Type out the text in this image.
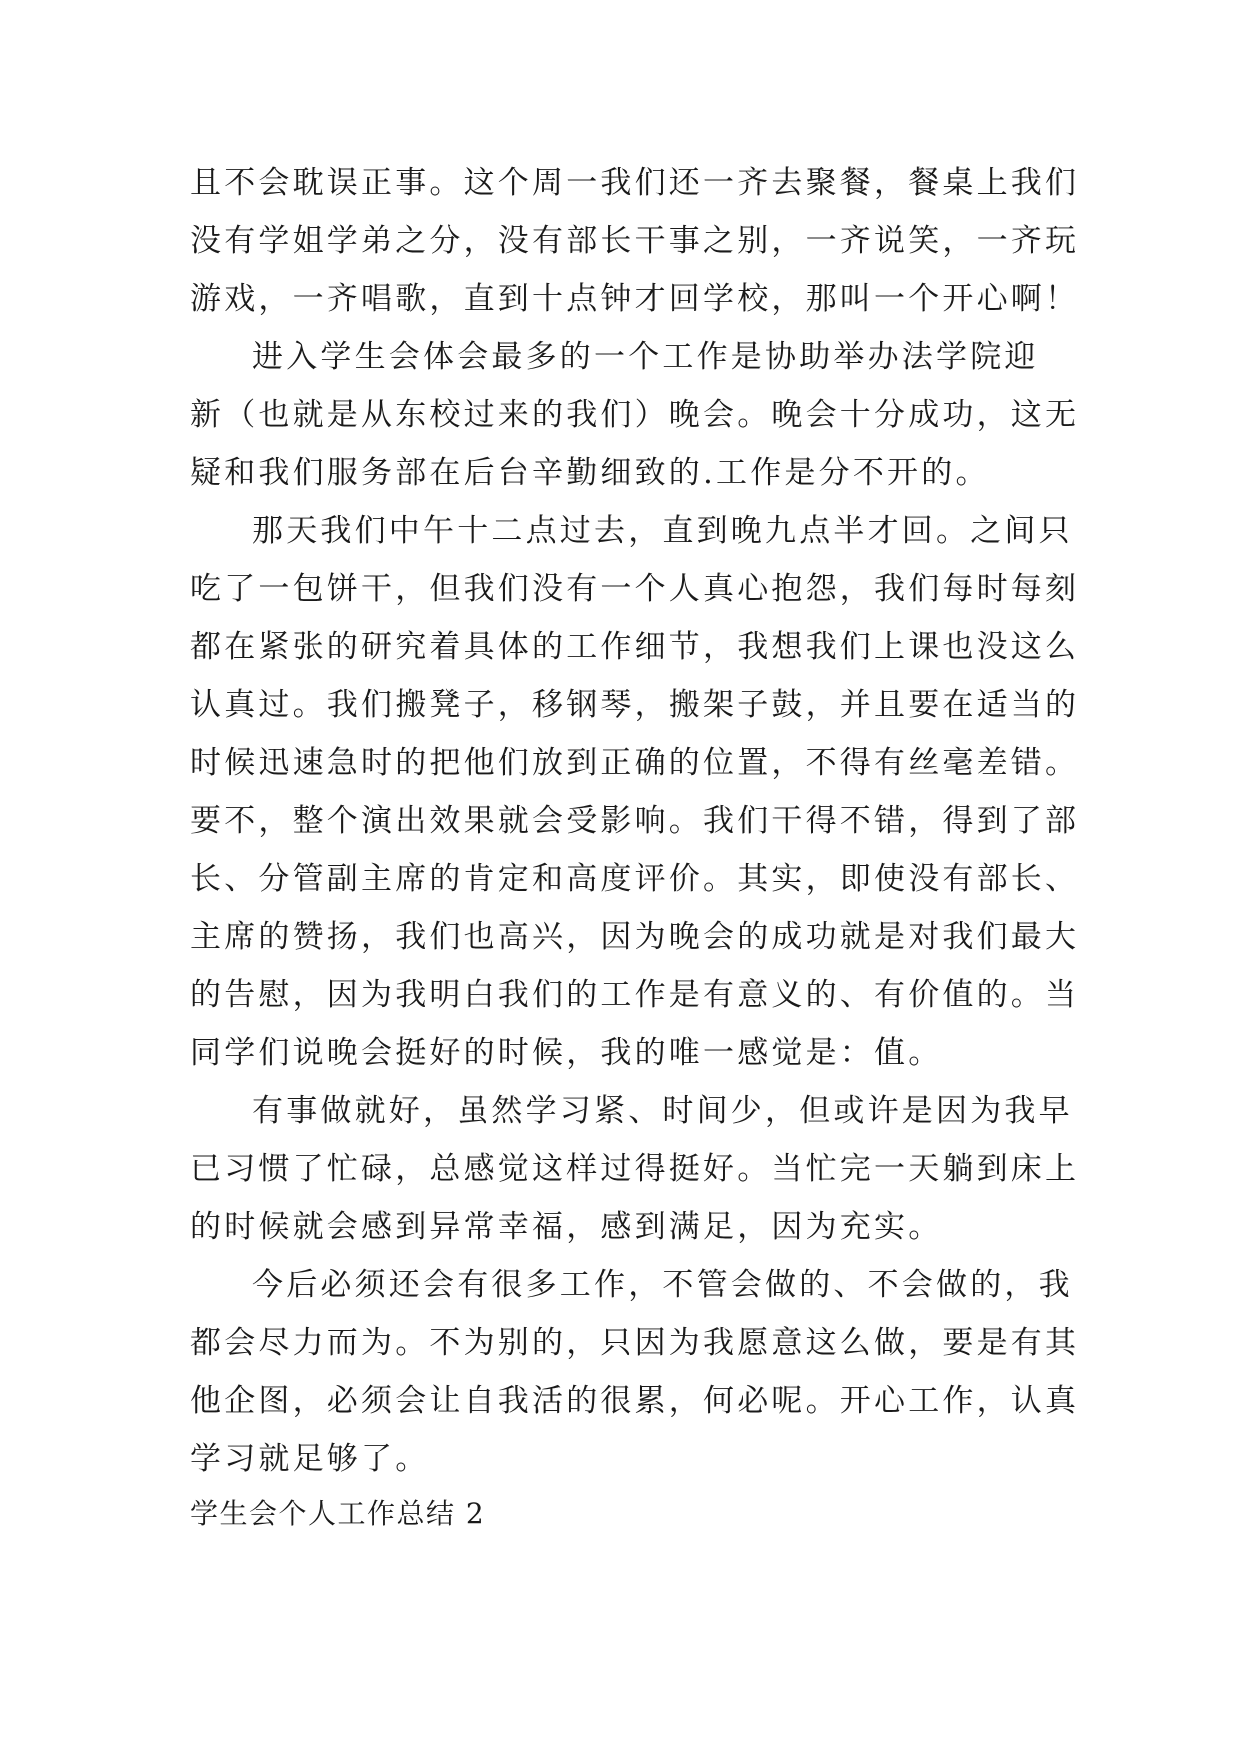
且不会耽误正事。这个周一我们还一齐去聚餐，餐桌上我们
没有学姐学弟之分，没有部长干事之别，一齐说笑，一齐玩
游戏，一齐唱歌，直到十点钟才回学校，那叫一个开心啊！
进入学生会体会最多的一个工作是协助举办法学院迎
新（也就是从东校过来的我们）晚会。晚会十分成功，这无
疑和我们服务部在后台辛勤细致的.工作是分不开的。
那天我们中午十二点过去，直到晚九点半才回。之间只
吃了一包饼干，但我们没有一个人真心抱怨，我们每时每刻
都在紧张的研究着具体的工作细节，我想我们上课也没这么
认真过。我们搬凳子，移钢琴，搬架子鼓，并且要在适当的
时候迅速急时的把他们放到正确的位置，不得有丝毫差错。
要不，整个演出效果就会受影响。我们干得不错，得到了部
长、分管副主席的肯定和高度评价。其实，即使没有部长、
主席的赞扬，我们也高兴，因为晚会的成功就是对我们最大
的告慰，因为我明白我们的工作是有意义的、有价值的。当
同学们说晚会挺好的时候，我的唯一感觉是：值。
有事做就好，虽然学习紧、时间少，但或许是因为我早
已习惯了忙碌，总感觉这样过得挺好。当忙完一天躺到床上
的时候就会感到异常幸福，感到满足，因为充实。
今后必须还会有很多工作，不管会做的、不会做的，我
都会尽力而为。不为别的，只因为我愿意这么做，要是有其
他企图，必须会让自我活的很累，何必呢。开心工作，认真
学习就足够了。
学生会个人工作总结 2
